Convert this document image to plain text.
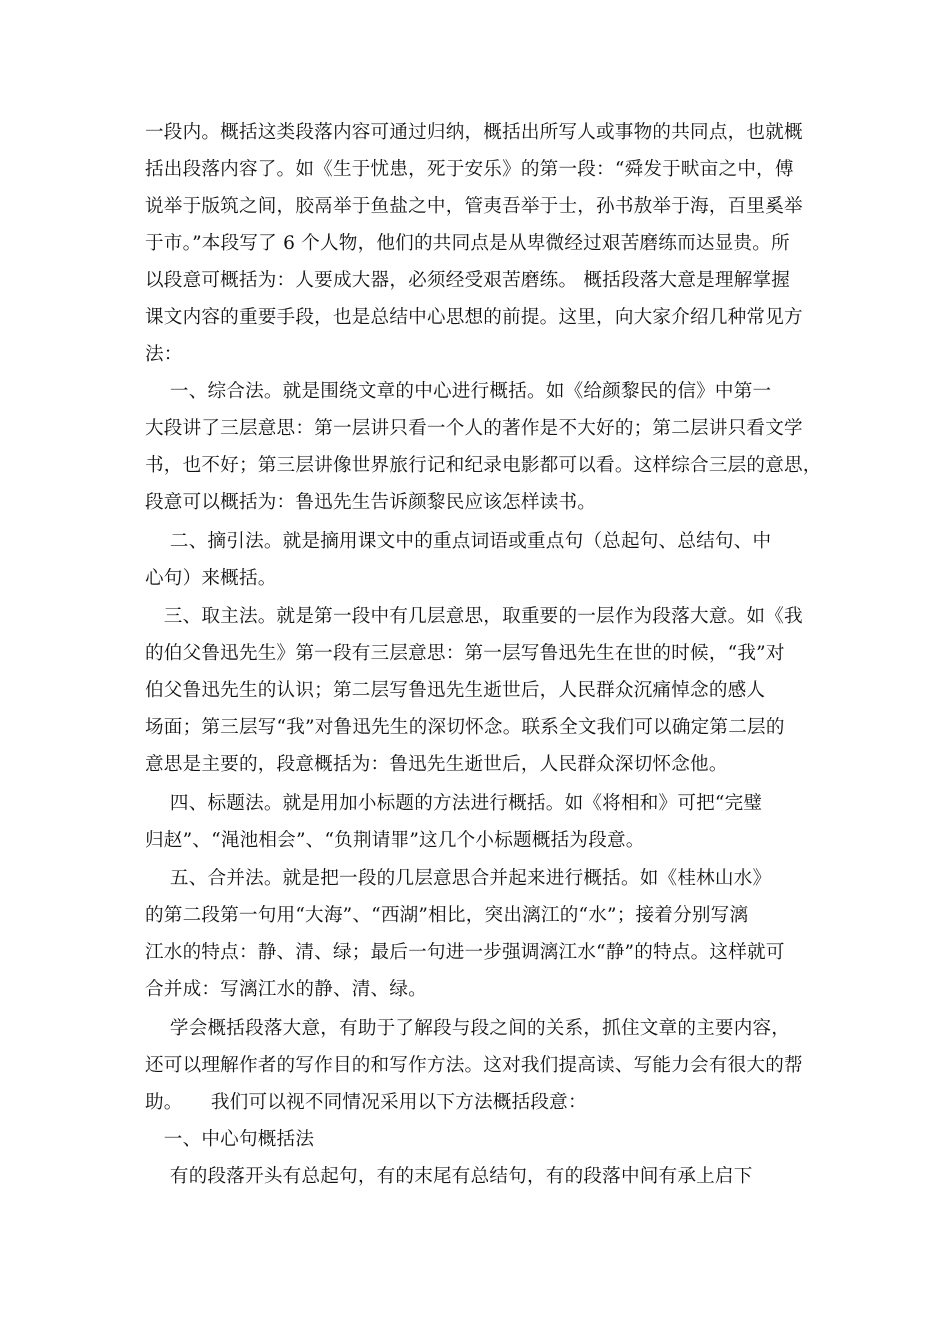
一段内。概括这类段落内容可通过归纳，概括出所写人或事物的共同点，也就概
括出段落内容了。如《生于忧患，死于安乐》的第一段：“舜发于畎亩之中，傅
说举于版筑之间，胶鬲举于鱼盐之中，管夷吾举于士，孙书敖举于海，百里奚举
于市。”本段写了 6 个人物，他们的共同点是从卑微经过艰苦磨练而达显贵。所
以段意可概括为：人要成大器，必须经受艰苦磨练。 概括段落大意是理解掌握
课文内容的重要手段，也是总结中心思想的前提。这里，向大家介绍几种常见方
法：
　 一、综合法。就是围绕文章的中心进行概括。如《给颜黎民的信》中第一
大段讲了三层意思：第一层讲只看一个人的著作是不大好的；第二层讲只看文学
书，也不好；第三层讲像世界旅行记和纪录电影都可以看。这样综合三层的意思，
段意可以概括为：鲁迅先生告诉颜黎民应该怎样读书。
　 二、摘引法。就是摘用课文中的重点词语或重点句（总起句、总结句、中
心句）来概括。
　三、取主法。就是第一段中有几层意思，取重要的一层作为段落大意。如《我
的伯父鲁迅先生》第一段有三层意思：第一层写鲁迅先生在世的时候，“我”对
伯父鲁迅先生的认识；第二层写鲁迅先生逝世后，人民群众沉痛悼念的感人
场面；第三层写“我”对鲁迅先生的深切怀念。联系全文我们可以确定第二层的
意思是主要的，段意概括为：鲁迅先生逝世后，人民群众深切怀念他。
　 四、标题法。就是用加小标题的方法进行概括。如《将相和》可把“完璧
归赵”、“渑池相会”、“负荆请罪”这几个小标题概括为段意。
　 五、合并法。就是把一段的几层意思合并起来进行概括。如《桂林山水》
的第二段第一句用“大海”、“西湖”相比，突出漓江的“水”；接着分别写漓
江水的特点：静、清、绿；最后一句进一步强调漓江水“静”的特点。这样就可
合并成：写漓江水的静、清、绿。
　 学会概括段落大意，有助于了解段与段之间的关系，抓住文章的主要内容，
还可以理解作者的写作目的和写作方法。这对我们提高读、写能力会有很大的帮
助。　　我们可以视不同情况采用以下方法概括段意：
　一、中心句概括法
　 有的段落开头有总起句，有的末尾有总结句，有的段落中间有承上启下
